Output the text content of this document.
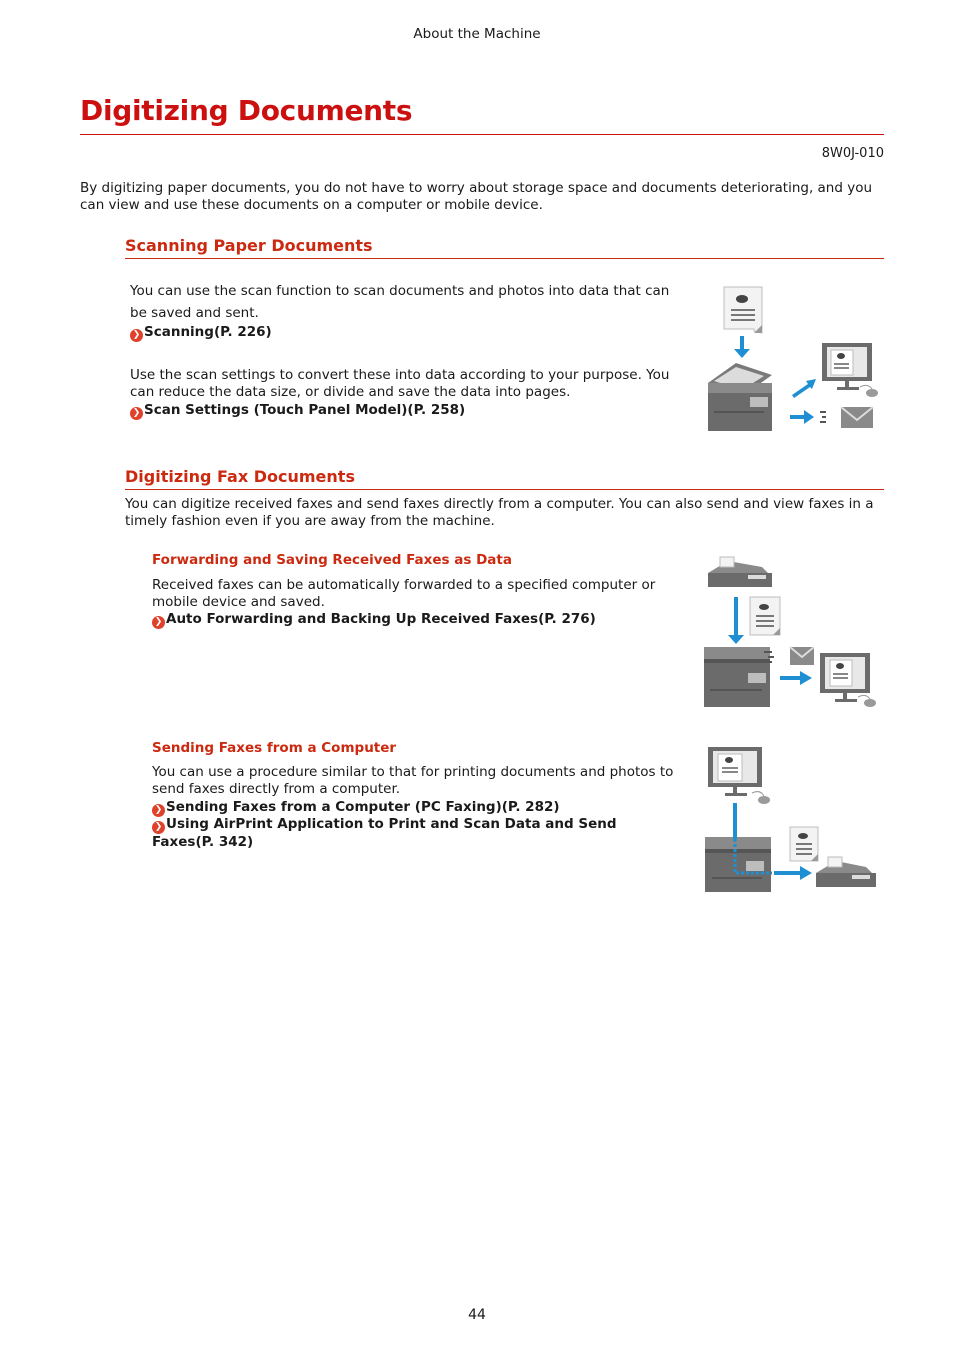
About the Machine
Digitizing Documents
8W0J-010

By digitizing paper documents, you do not have to worry about storage space and documents deteriorating, and you can view and use these documents on a computer or mobile device.

Scanning Paper Documents

You can use the scan function to scan documents and photos into data that can be saved and sent.

❯ Scanning(P. 226)

Use the scan settings to convert these into data according to your purpose. You can reduce the data size, or divide and save the data into pages.

❯ Scan Settings (Touch Panel Model)(P. 258)
Digitizing Fax Documents

You can digitize received faxes and send faxes directly from a computer. You can also send and view faxes in a timely fashion even if you are away from the machine.

Forwarding and Saving Received Faxes as Data

Received faxes can be automatically forwarded to a specified computer or mobile device and saved.

❯ Auto Forwarding and Backing Up Received Faxes(P. 276)
Sending Faxes from a Computer

You can use a procedure similar to that for printing documents and photos to send faxes directly from a computer.

❯ Sending Faxes from a Computer (PC Faxing)(P. 282)
❯ Using AirPrint Application to Print and Scan Data and Send Faxes(P. 342)
44
